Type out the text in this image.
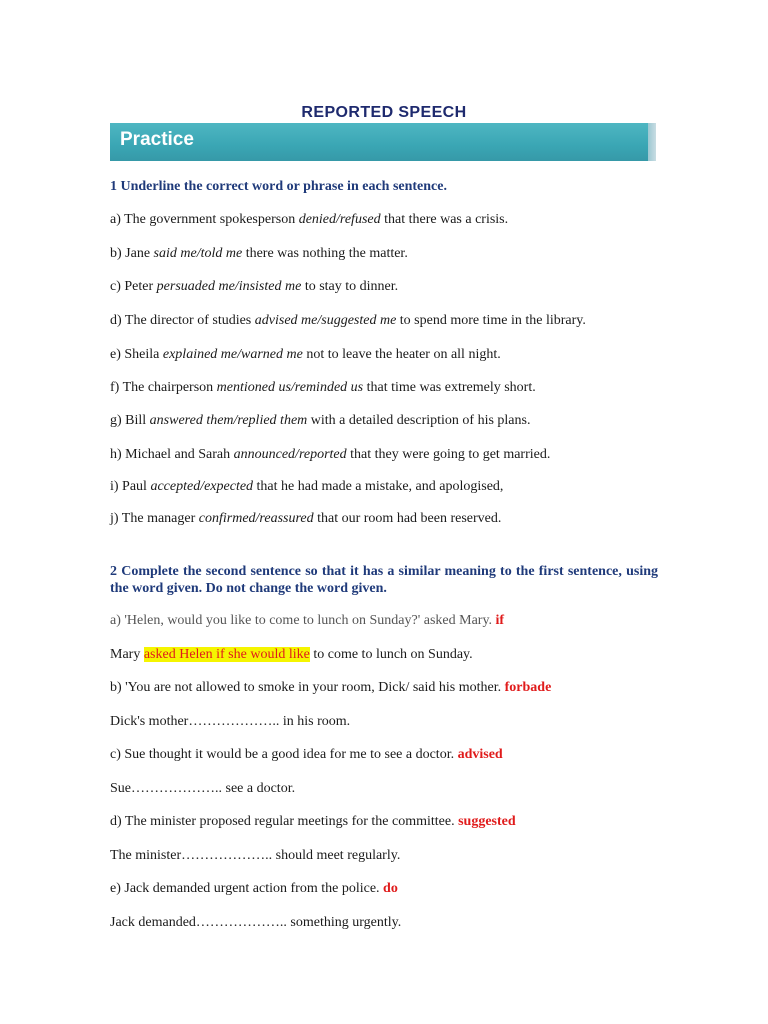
REPORTED SPEECH
Practice
1 Underline the correct word or phrase in each sentence.
a) The government spokesperson denied/refused that there was a crisis.
b) Jane said me/told me there was nothing the matter.
c) Peter persuaded me/insisted me to stay to dinner.
d) The director of studies advised me/suggested me to spend more time in the library.
e) Sheila explained me/warned me not to leave the heater on all night.
f) The chairperson mentioned us/reminded us that time was extremely short.
g) Bill answered them/replied them with a detailed description of his plans.
h) Michael and Sarah announced/reported that they were going to get married.
i) Paul accepted/expected that he had made a mistake, and apologised,
j) The manager confirmed/reassured that our room had been reserved.
2 Complete the second sentence so that it has a similar meaning to the first sentence, using the word given. Do not change the word given.
a) 'Helen, would you like to come to lunch on Sunday?' asked Mary. if
Mary asked Helen if she would like to come to lunch on Sunday.
b) 'You are not allowed to smoke in your room, Dick/ said his mother. forbade
Dick's mother……………….. in his room.
c) Sue thought it would be a good idea for me to see a doctor. advised
Sue……………….. see a doctor.
d) The minister proposed regular meetings for the committee. suggested
The minister……………….. should meet regularly.
e) Jack demanded urgent action from the police. do
Jack demanded……………….. something urgently.
